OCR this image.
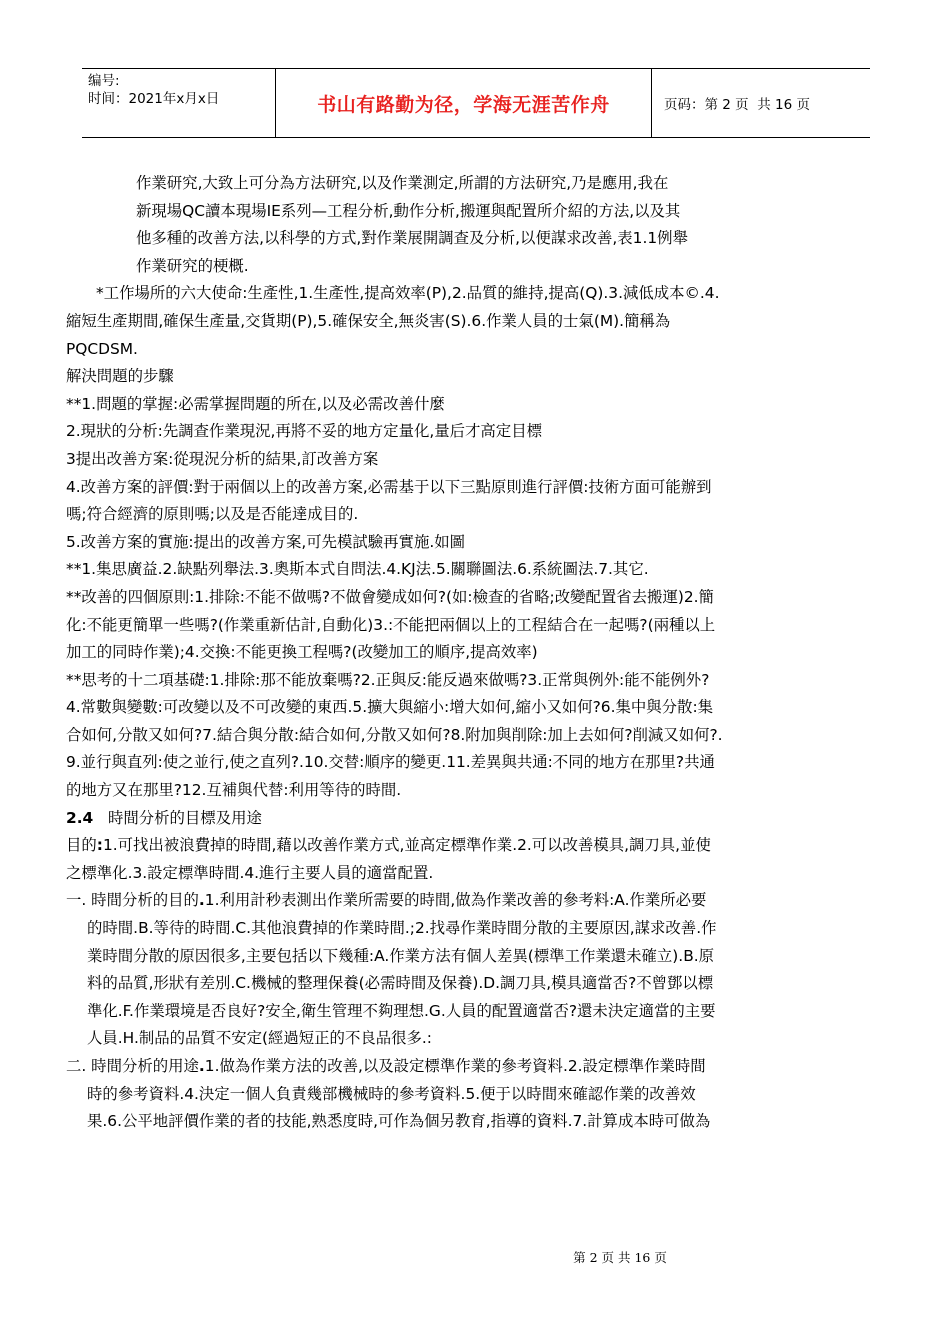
编号:
时间：2021年x月x日	书山有路勤为径，学海无涯苦作舟	页码：第 2 页  共 16 页

作業研究,大致上可分為方法研究,以及作業測定,所謂的方法研究,乃是應用,我在

新現場QC讀本現場IE系列—工程分析,動作分析,搬運與配置所介紹的方法,以及其

他多種的改善方法,以科學的方式,對作業展開調查及分析,以便謀求改善,表1.1例舉

作業研究的梗概.

*工作場所的六大使命:生產性,1.生產性,提高效率(P),2.品質的維持,提高(Q).3.減低成本©.4.

縮短生產期間,確保生產量,交貨期(P),5.確保安全,無炎害(S).6.作業人員的士氣(M).簡稱為

PQCDSM.

解決問題的步驟

**1.問題的掌握:必需掌握問題的所在,以及必需改善什麼

2.現狀的分析:先調查作業現況,再將不妥的地方定量化,量后才高定目標

3提出改善方案:從現況分析的結果,訂改善方案

4.改善方案的評價:對于兩個以上的改善方案,必需基于以下三點原則進行評價:技術方面可能辦到

嗎;符合經濟的原則嗎;以及是否能達成目的.

5.改善方案的實施:提出的改善方案,可先模試驗再實施.如圖

**1.集思廣益.2.缺點列舉法.3.奧斯本式自問法.4.KJ法.5.關聯圖法.6.系統圖法.7.其它.

**改善的四個原則:1.排除:不能不做嗎?不做會變成如何?(如:檢查的省略;改變配置省去搬運)2.簡

化:不能更簡單一些嗎?(作業重新估計,自動化)3.:不能把兩個以上的工程結合在一起嗎?(兩種以上

加工的同時作業);4.交換:不能更換工程嗎?(改變加工的順序,提高效率)

**思考的十二項基礎:1.排除:那不能放棄嗎?2.正與反:能反過來做嗎?3.正常與例外:能不能例外?

4.常數與變數:可改變以及不可改變的東西.5.擴大與縮小:增大如何,縮小又如何?6.集中與分散:集

合如何,分散又如何?7.結合與分散:結合如何,分散又如何?8.附加與削除:加上去如何?削減又如何?.

9.並行與直列:使之並行,使之直列?.10.交替:順序的變更.11.差異與共通:不同的地方在那里?共通

的地方又在那里?12.互補與代替:利用等待的時間.

2.4 時間分析的目標及用途

目的:1.可找出被浪費掉的時間,藉以改善作業方式,並高定標準作業.2.可以改善模具,調刀具,並使

之標準化.3.設定標準時間.4.進行主要人員的適當配置.

一. 時間分析的目的.1.利用計秒表測出作業所需要的時間,做為作業改善的參考料:A.作業所必要

的時間.B.等待的時間.C.其他浪費掉的作業時間.;2.找尋作業時間分散的主要原因,謀求改善.作

業時間分散的原因很多,主要包括以下幾種:A.作業方法有個人差異(標準工作業還未確立).B.原

料的品質,形狀有差別.C.機械的整理保養(必需時間及保養).D.調刀具,模具適當否?不曾鄧以標

準化.F.作業環境是否良好?安全,衛生管理不夠理想.G.人員的配置適當否?還未決定適當的主要

人員.H.制品的品質不安定(經過短正的不良品很多.:

二. 時間分析的用途.1.做為作業方法的改善,以及設定標準作業的參考資料.2.設定標準作業時間

時的參考資料.4.決定一個人負責幾部機械時的參考資料.5.便于以時間來確認作業的改善效

果.6.公平地評價作業的者的技能,熟悉度時,可作為個另教育,指導的資料.7.計算成本時可做為

第 2 页 共 16 页
